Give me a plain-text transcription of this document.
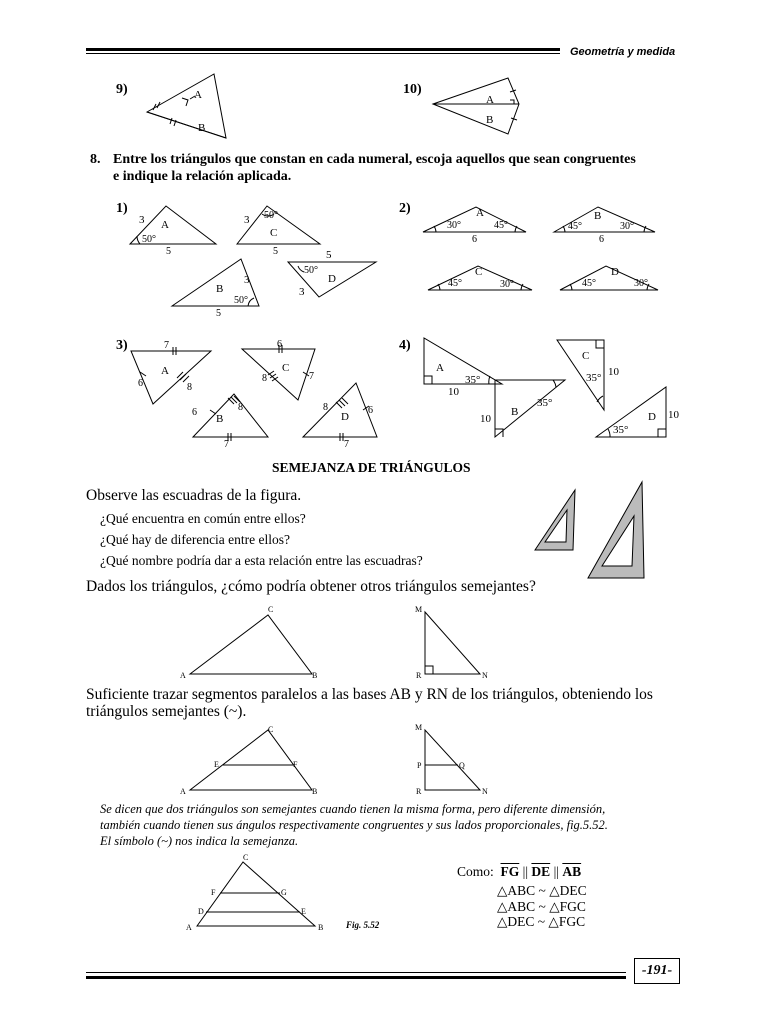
Geometría y medida
9)	10)
A
B
A
B
3 A
50°
5
3 50°
C
5
3
B
50°
5
5
50°
D
3
A
30°	45°
6
B
45°	30°
6
C
45°	30°
D
45°	30°
7
A
6	8
6
C
8	7
6
B
8
7
8
D
6
7
A
35°
10
C
35° 10
B
35°
10	D
35°
10
A	B
C	M
R	N
A	B
C
E	F
M
P	Q
R	N
C
F	G
D	E
A	B
8. Entre los triángulos que constan en cada numeral, escoja aquellos que sean congruentes
e indique la relación aplicada.
1)	2)
3)	4)
SEMEJANZA DE TRIÁNGULOS
Observe las escuadras de la figura.
¿Qué encuentra en común entre ellos?
¿Qué hay de diferencia entre ellos?
¿Qué nombre podría dar a esta relación entre las escuadras?
Dados los triángulos, ¿cómo podría obtener otros triángulos semejantes?
Suficiente trazar segmentos paralelos a las bases AB y RN de los triángulos, obteniendo los
triángulos semejantes (~).
Se dicen que dos triángulos son semejantes cuando tienen la misma forma, pero diferente dimensión,
también cuando tienen sus ángulos respectivamente congruentes y sus lados proporcionales, fig.5.52.
El símbolo (~) nos indica la semejanza.
Como: $\overline{FG}$ || $\overline{DE}$ || $\overline{AB}$
△ABC ~ △DEC
△ABC ~ △FGC
△DEC ~ △FGC
Fig. 5.52
-191-
